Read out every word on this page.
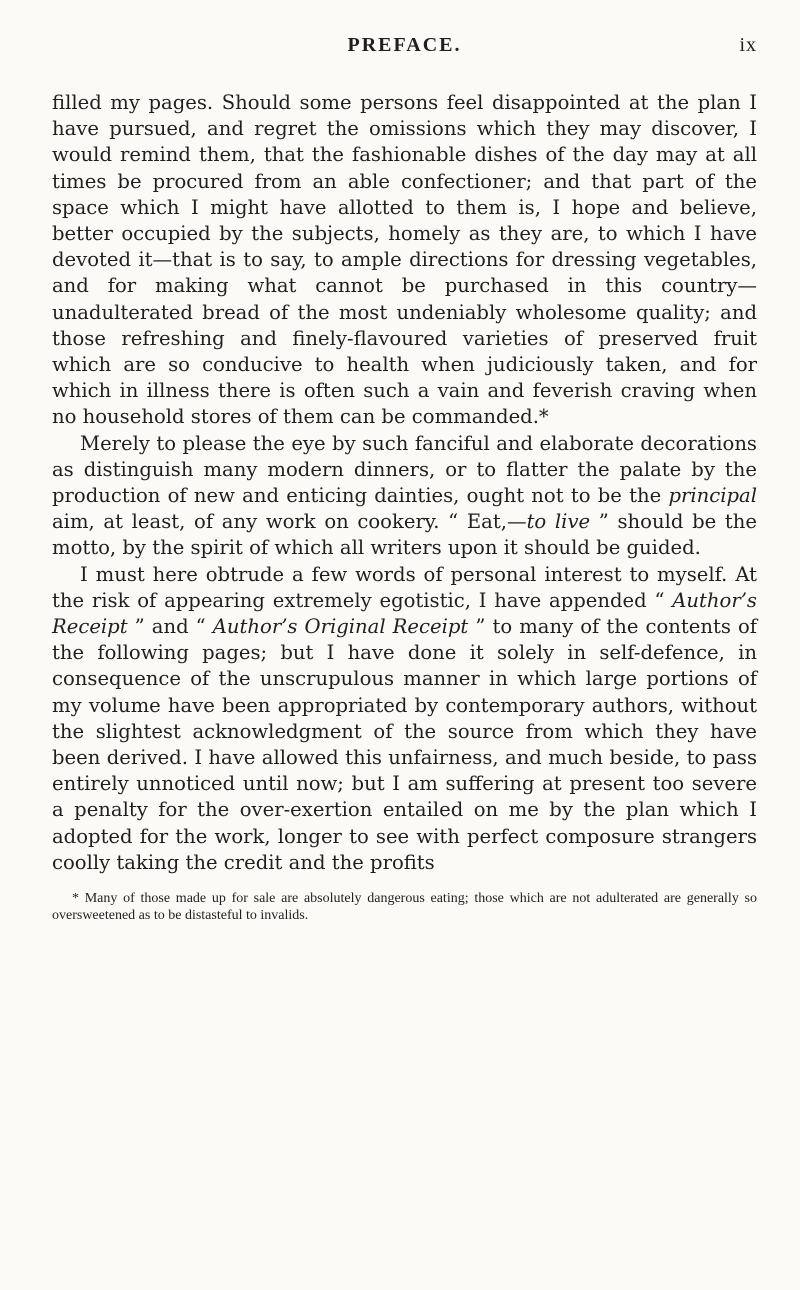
PREFACE.	ix

filled my pages. Should some persons feel disappointed at the plan I have pursued, and regret the omissions which they may discover, I would remind them, that the fashionable dishes of the day may at all times be procured from an able confectioner; and that part of the space which I might have allotted to them is, I hope and believe, better occupied by the subjects, homely as they are, to which I have devoted it—that is to say, to ample directions for dressing vegetables, and for making what cannot be purchased in this country—unadulterated bread of the most undeniably wholesome quality; and those refreshing and finely-flavoured varieties of preserved fruit which are so conducive to health when judiciously taken, and for which in illness there is often such a vain and feverish craving when no household stores of them can be commanded.*

Merely to please the eye by such fanciful and elaborate decorations as distinguish many modern dinners, or to flatter the palate by the production of new and enticing dainties, ought not to be the principal aim, at least, of any work on cookery. “ Eat,—to live ” should be the motto, by the spirit of which all writers upon it should be guided.

I must here obtrude a few words of personal interest to myself. At the risk of appearing extremely egotistic, I have appended “ Author’s Receipt ” and “ Author’s Original Receipt ” to many of the contents of the following pages; but I have done it solely in self-defence, in consequence of the unscrupulous manner in which large portions of my volume have been appropriated by contemporary authors, without the slightest acknowledgment of the source from which they have been derived. I have allowed this unfairness, and much beside, to pass entirely unnoticed until now; but I am suffering at present too severe a penalty for the over-exertion entailed on me by the plan which I adopted for the work, longer to see with perfect composure strangers coolly taking the credit and the profits

* Many of those made up for sale are absolutely dangerous eating; those which are not adulterated are generally so oversweetened as to be distasteful to invalids.
